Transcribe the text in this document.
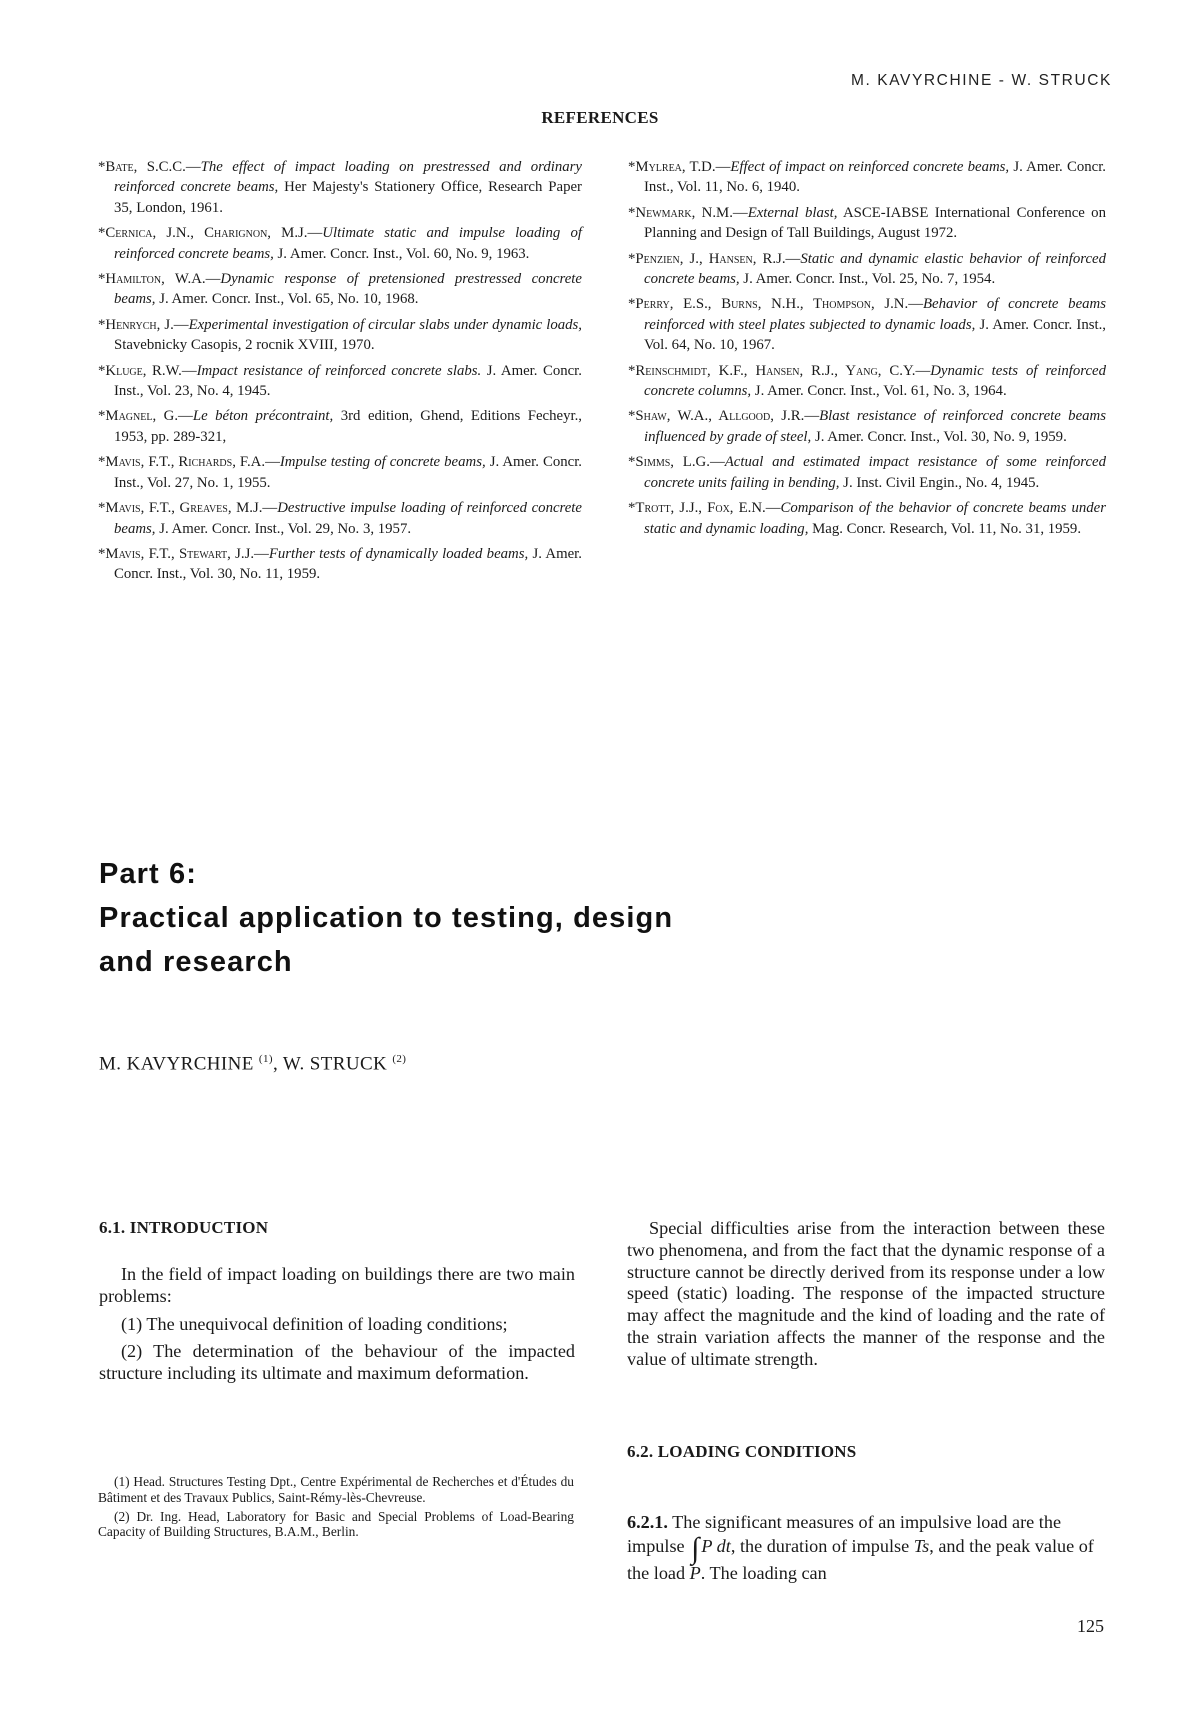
M. KAVYRCHINE - W. STRUCK
REFERENCES
*Bate, S.C.C.—The effect of impact loading on prestressed and ordinary reinforced concrete beams, Her Majesty's Stationery Office, Research Paper 35, London, 1961.
*Cernica, J.N., Charignon, M.J.—Ultimate static and impulse loading of reinforced concrete beams, J. Amer. Concr. Inst., Vol. 60, No. 9, 1963.
*Hamilton, W.A.—Dynamic response of pretensioned prestressed concrete beams, J. Amer. Concr. Inst., Vol. 65, No. 10, 1968.
*Henrych, J.—Experimental investigation of circular slabs under dynamic loads, Stavebnicky Casopis, 2 rocnik XVIII, 1970.
*Kluge, R.W.—Impact resistance of reinforced concrete slabs. J. Amer. Concr. Inst., Vol. 23, No. 4, 1945.
*Magnel, G.—Le béton précontraint, 3rd edition, Ghend, Editions Fecheyr., 1953, pp. 289-321,
*Mavis, F.T., Richards, F.A.—Impulse testing of concrete beams, J. Amer. Concr. Inst., Vol. 27, No. 1, 1955.
*Mavis, F.T., Greaves, M.J.—Destructive impulse loading of reinforced concrete beams, J. Amer. Concr. Inst., Vol. 29, No. 3, 1957.
*Mavis, F.T., Stewart, J.J.—Further tests of dynamically loaded beams, J. Amer. Concr. Inst., Vol. 30, No. 11, 1959.
*Mylrea, T.D.—Effect of impact on reinforced concrete beams, J. Amer. Concr. Inst., Vol. 11, No. 6, 1940.
*Newmark, N.M.—External blast, ASCE-IABSE International Conference on Planning and Design of Tall Buildings, August 1972.
*Penzien, J., Hansen, R.J.—Static and dynamic elastic behavior of reinforced concrete beams, J. Amer. Concr. Inst., Vol. 25, No. 7, 1954.
*Perry, E.S., Burns, N.H., Thompson, J.N.—Behavior of concrete beams reinforced with steel plates subjected to dynamic loads, J. Amer. Concr. Inst., Vol. 64, No. 10, 1967.
*Reinschmidt, K.F., Hansen, R.J., Yang, C.Y.—Dynamic tests of reinforced concrete columns, J. Amer. Concr. Inst., Vol. 61, No. 3, 1964.
*Shaw, W.A., Allgood, J.R.—Blast resistance of reinforced concrete beams influenced by grade of steel, J. Amer. Concr. Inst., Vol. 30, No. 9, 1959.
*Simms, L.G.—Actual and estimated impact resistance of some reinforced concrete units failing in bending, J. Inst. Civil Engin., No. 4, 1945.
*Trott, J.J., Fox, E.N.—Comparison of the behavior of concrete beams under static and dynamic loading, Mag. Concr. Research, Vol. 11, No. 31, 1959.
Part 6:
Practical application to testing, design
and research
M. KAVYRCHINE $^{(1)}$, W. STRUCK $^{(2)}$
6.1. INTRODUCTION

In the field of impact loading on buildings there are two main problems:

(1) The unequivocal definition of loading conditions;

(2) The determination of the behaviour of the impacted structure including its ultimate and maximum deformation.

(1) Head. Structures Testing Dpt., Centre Expérimental de Recherches et d'Études du Bâtiment et des Travaux Publics, Saint-Rémy-lès-Chevreuse.

(2) Dr. Ing. Head, Laboratory for Basic and Special Problems of Load-Bearing Capacity of Building Structures, B.A.M., Berlin.

Special difficulties arise from the interaction between these two phenomena, and from the fact that the dynamic response of a structure cannot be directly derived from its response under a low speed (static) loading. The response of the impacted structure may affect the magnitude and the kind of loading and the rate of the strain variation affects the manner of the response and the value of ultimate strength.

6.2. LOADING CONDITIONS
6.2.1. The significant measures of an impulsive load are the impulse ∫ P dt, the duration of impulse Ts, and the peak value of the load P. The loading can
125
